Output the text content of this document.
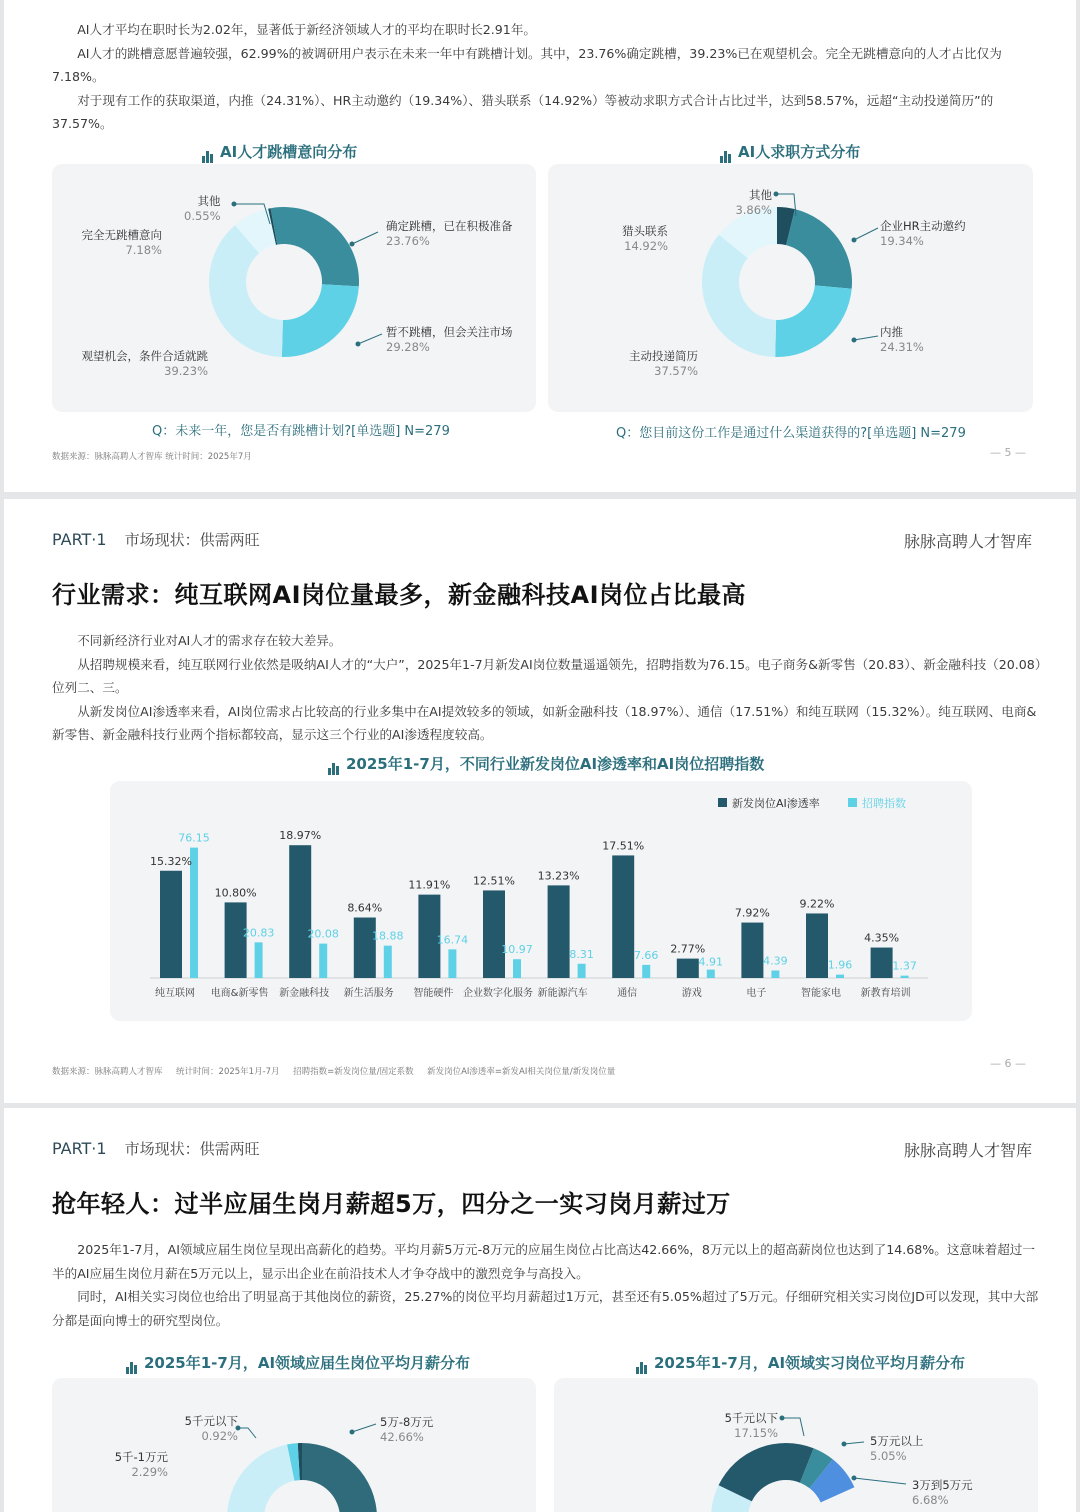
AI人才平均在职时长为2.02年，显著低于新经济领域人才的平均在职时长2.91年。

AI人才的跳槽意愿普遍较强，62.99%的被调研用户表示在未来一年中有跳槽计划。其中，23.76%确定跳槽，39.23%已在观望机会。完全无跳槽意向的人才占比仅为7.18%。

对于现有工作的获取渠道，内推（24.31%）、HR主动邀约（19.34%）、猎头联系（14.92%）等被动求职方式合计占比过半，达到58.57%，远超“主动投递简历”的37.57%。

AI人才跳槽意向分布	AI人求职方式分布
其他
0.55%
确定跳槽，已在积极准备
23.76%
暂不跳槽，但会关注市场
29.28%
观望机会，条件合适就跳
39.23%
完全无跳槽意向
7.18%
其他
3.86%
企业HR主动邀约
19.34%
内推
24.31%
主动投递简历
37.57%
猎头联系
14.92%
Q：未来一年，您是否有跳槽计划?[单选题] N=279	Q：您目前这份工作是通过什么渠道获得的?[单选题] N=279
数据来源：脉脉高聘人才智库 统计时间：2025年7月	— 5 —
PART·1 市场现状：供需两旺	脉脉高聘人才智库
行业需求：纯互联网AI岗位量最多，新金融科技AI岗位占比最高

不同新经济行业对AI人才的需求存在较大差异。

从招聘规模来看，纯互联网行业依然是吸纳AI人才的“大户”，2025年1-7月新发AI岗位数量遥遥领先，招聘指数为76.15。电子商务&新零售（20.83）、新金融科技（20.08）位列二、三。

从新发岗位AI渗透率来看，AI岗位需求占比较高的行业多集中在AI提效较多的领域，如新金融科技（18.97%）、通信（17.51%）和纯互联网（15.32%）。纯互联网、电商&新零售、新金融科技行业两个指标都较高，显示这三个行业的AI渗透程度较高。

2025年1-7月，不同行业新发岗位AI渗透率和AI岗位招聘指数
新发岗位AI渗透率	招聘指数
15.32%
76.15
纯互联网
10.80%
20.83
电商&新零售
18.97%
20.08
新金融科技
8.64%
18.88
新生活服务
11.91%
16.74
智能硬件
12.51%
10.97
企业数字化服务
13.23%
8.31
新能源汽车
17.51%
7.66
通信
2.77%
4.91
游戏
7.92%
4.39
电子
9.22%
1.96
智能家电
4.35%
1.37
新教育培训
数据来源：脉脉高聘人才智库 统计时间：2025年1月-7月 招聘指数=新发岗位量/固定系数 新发岗位AI渗透率=新发AI相关岗位量/新发岗位量
— 6 —
PART·1 市场现状：供需两旺	脉脉高聘人才智库
抢年轻人：过半应届生岗月薪超5万，四分之一实习岗月薪过万

2025年1-7月，AI领域应届生岗位呈现出高薪化的趋势。平均月薪5万元-8万元的应届生岗位占比高达42.66%，8万元以上的超高薪岗位也达到了14.68%。这意味着超过一半的AI应届生岗位月薪在5万元以上，显示出企业在前沿技术人才争夺战中的激烈竞争与高投入。

同时，AI相关实习岗位也给出了明显高于其他岗位的薪资，25.27%的岗位平均月薪超过1万元，甚至还有5.05%超过了5万元。仔细研究相关实习岗位JD可以发现，其中大部分都是面向博士的研究型岗位。

2025年1-7月，AI领域应届生岗位平均月薪分布	2025年1-7月，AI领域实习岗位平均月薪分布
5千元以下
0.92%
5万-8万元
42.66%
5千-1万元
2.29%
5千元以下
17.15%
5万元以上
5.05%
3万到5万元
6.68%
